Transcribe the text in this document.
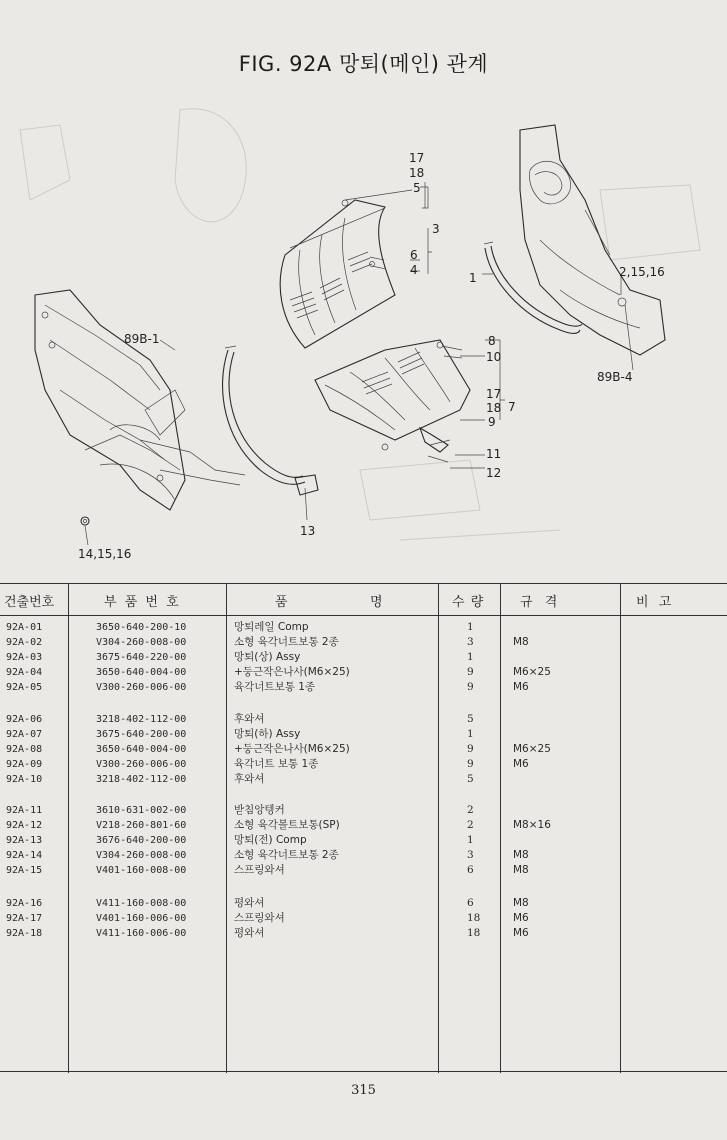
FIG. 92A 망퇴(메인) 관계
17
18
5
3
6
4
1	2,15,16
89B-1
89B-4
8
10
17
18 7
9
11
12
13
14,15,16
건출번호	부 품 번 호	품	명	수 량	규 격	비 고
92A-01	3650-640-200-10	망퇴레일 Comp	1
92A-02	V304-260-008-00	소형 육각너트보통 2종	3	M8
92A-03	3675-640-220-00	망퇴(상) Assy	1
92A-04	3650-640-004-00	+둥근작은나사(M6×25)	9	M6×25
92A-05	V300-260-006-00	육각너트보통 1종	9	M6
92A-06	3218-402-112-00	후와셔	5
92A-07	3675-640-200-00	망퇴(하) Assy	1
92A-08	3650-640-004-00	+둥근작은나사(M6×25)	9	M6×25
92A-09	V300-260-006-00	육각너트 보통 1종	9	M6
92A-10	3218-402-112-00	후와셔	5
92A-11	3610-631-002-00	받침앙텡커	2
92A-12	V218-260-801-60	소형 육각볼트보통(SP)	2	M8×16
92A-13	3676-640-200-00	망퇴(전) Comp	1
92A-14	V304-260-008-00	소형 육각너트보통 2종	3	M8
92A-15	V401-160-008-00	스프링와셔	6	M8
92A-16	V411-160-008-00	평와셔	6	M8
92A-17	V401-160-006-00	스프링와셔	18	M6
92A-18	V411-160-006-00	평와셔	18	M6
315
